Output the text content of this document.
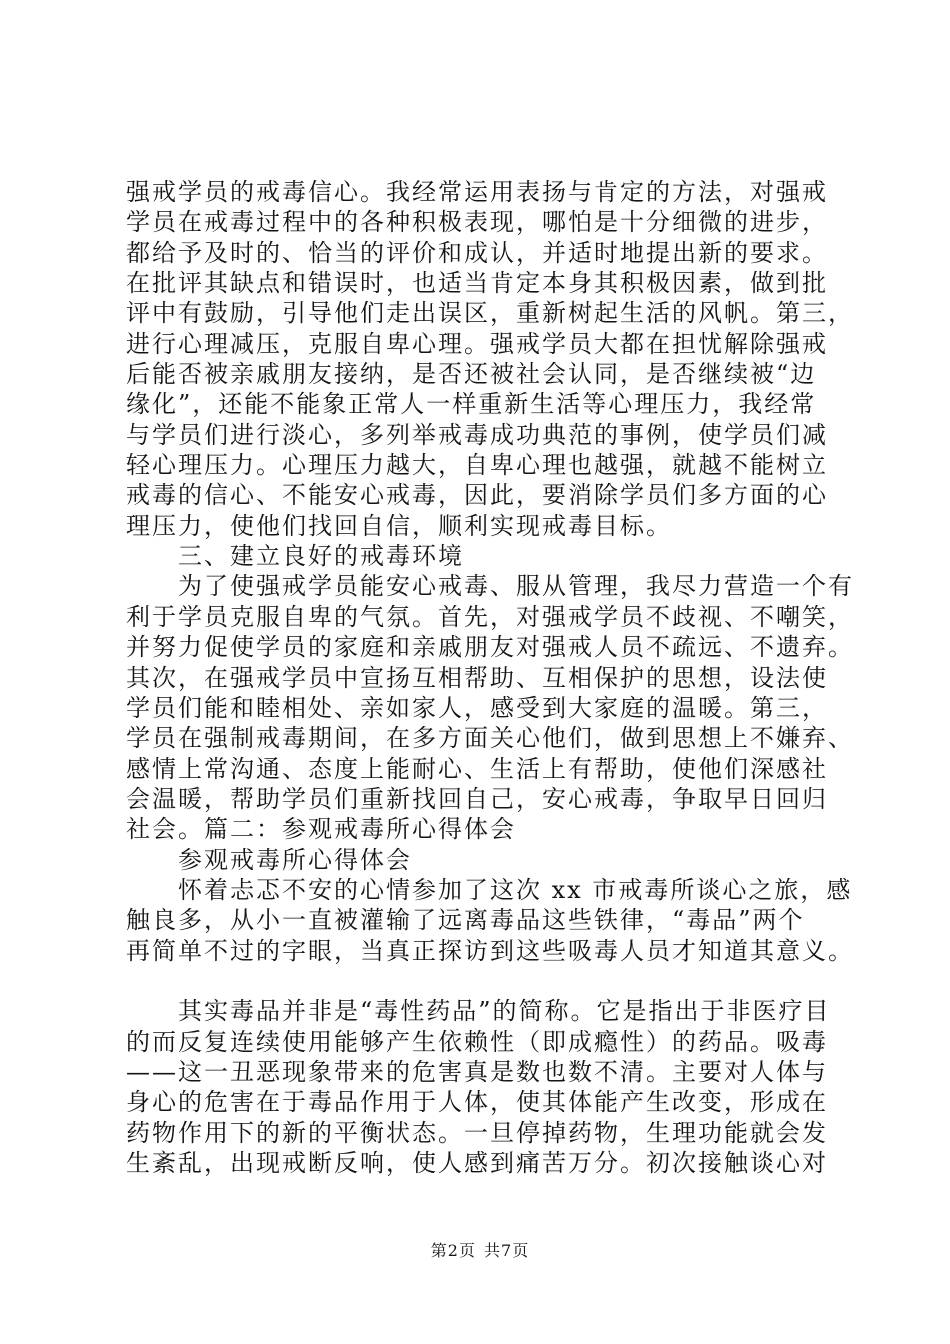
强戒学员的戒毒信心。我经常运用表扬与肯定的方法，对强戒
学员在戒毒过程中的各种积极表现，哪怕是十分细微的进步，
都给予及时的、恰当的评价和成认，并适时地提出新的要求。
在批评其缺点和错误时，也适当肯定本身其积极因素，做到批
评中有鼓励，引导他们走出误区，重新树起生活的风帆。第三，
进行心理减压，克服自卑心理。强戒学员大都在担忧解除强戒
后能否被亲戚朋友接纳，是否还被社会认同，是否继续被“边
缘化”，还能不能象正常人一样重新生活等心理压力，我经常
与学员们进行淡心，多列举戒毒成功典范的事例，使学员们减
轻心理压力。心理压力越大，自卑心理也越强，就越不能树立
戒毒的信心、不能安心戒毒，因此，要消除学员们多方面的心
理压力，使他们找回自信，顺利实现戒毒目标。
三、建立良好的戒毒环境
为了使强戒学员能安心戒毒、服从管理，我尽力营造一个有
利于学员克服自卑的气氛。首先，对强戒学员不歧视、不嘲笑，
并努力促使学员的家庭和亲戚朋友对强戒人员不疏远、不遗弃。
其次，在强戒学员中宣扬互相帮助、互相保护的思想，设法使
学员们能和睦相处、亲如家人，感受到大家庭的温暖。第三，
学员在强制戒毒期间，在多方面关心他们，做到思想上不嫌弃、
感情上常沟通、态度上能耐心、生活上有帮助，使他们深感社
会温暖，帮助学员们重新找回自己，安心戒毒，争取早日回归
社会。篇二：参观戒毒所心得体会
参观戒毒所心得体会
怀着忐忑不安的心情参加了这次 xx 市戒毒所谈心之旅，感
触良多，从小一直被灌输了远离毒品这些铁律，“毒品”两个
再简单不过的字眼，当真正探访到这些吸毒人员才知道其意义。
其实毒品并非是“毒性药品”的简称。它是指出于非医疗目
的而反复连续使用能够产生依赖性（即成瘾性）的药品。吸毒
——这一丑恶现象带来的危害真是数也数不清。主要对人体与
身心的危害在于毒品作用于人体，使其体能产生改变，形成在
药物作用下的新的平衡状态。一旦停掉药物，生理功能就会发
生紊乱，出现戒断反响，使人感到痛苦万分。初次接触谈心对
第2页 共7页
